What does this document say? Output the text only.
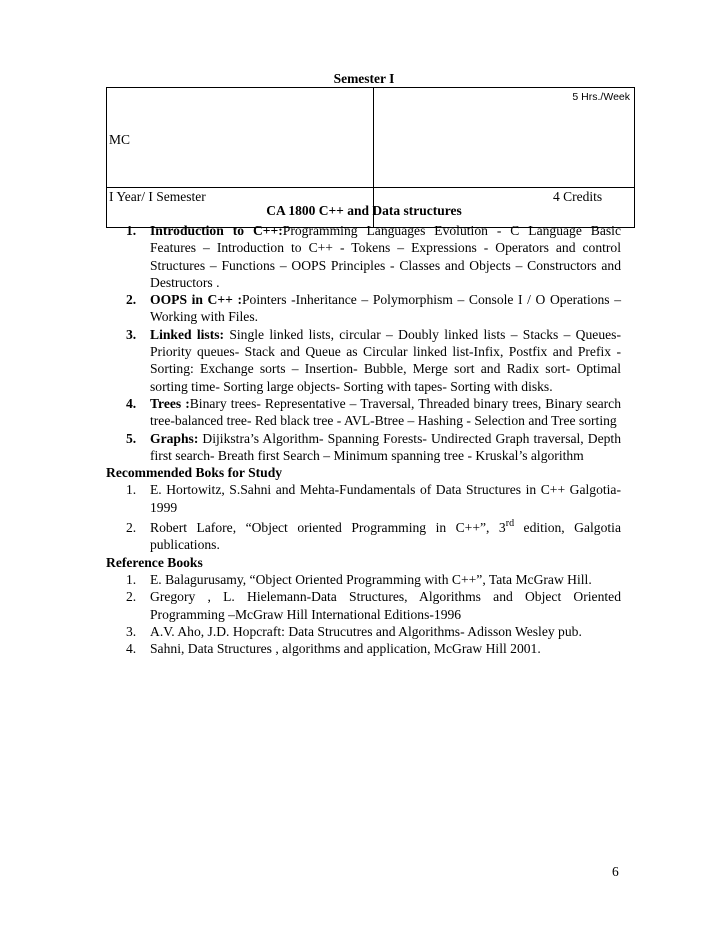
Semester I
MC	5 Hrs./Week
I Year/ I Semester	4 Credits
CA 1800 C++ and Data structures
1. Introduction to C++:Programming Languages Evolution - C Language Basic Features – Introduction to C++ - Tokens – Expressions - Operators and control Structures – Functions – OOPS Principles - Classes and Objects – Constructors and Destructors .
2. OOPS in C++ :Pointers -Inheritance – Polymorphism – Console I / O Operations – Working with Files.
3. Linked lists: Single linked lists, circular – Doubly linked lists – Stacks – Queues- Priority queues- Stack and Queue as Circular linked list-Infix, Postfix and Prefix - Sorting: Exchange sorts – Insertion- Bubble, Merge sort and Radix sort- Optimal sorting time- Sorting large objects- Sorting with tapes- Sorting with disks.
4. Trees :Binary trees- Representative – Traversal, Threaded binary trees, Binary search tree-balanced tree- Red black tree - AVL-Btree – Hashing - Selection and Tree sorting
5. Graphs: Dijikstra’s Algorithm- Spanning Forests- Undirected Graph traversal, Depth first search- Breath first Search – Minimum spanning tree - Kruskal’s algorithm
Recommended Boks for Study
1. E. Hortowitz, S.Sahni and Mehta-Fundamentals of Data Structures in C++ Galgotia-1999
2. Robert Lafore, “Object oriented Programming in C++”, 3rd edition, Galgotia publications.
Reference Books
1. E. Balagurusamy, “Object Oriented Programming with C++”, Tata McGraw Hill.
2. Gregory , L. Hielemann-Data Structures, Algorithms and Object Oriented Programming –McGraw Hill International Editions-1996
3. A.V. Aho, J.D. Hopcraft: Data Strucutres and Algorithms- Adisson Wesley pub.
4. Sahni, Data Structures , algorithms and application, McGraw Hill 2001.
6
